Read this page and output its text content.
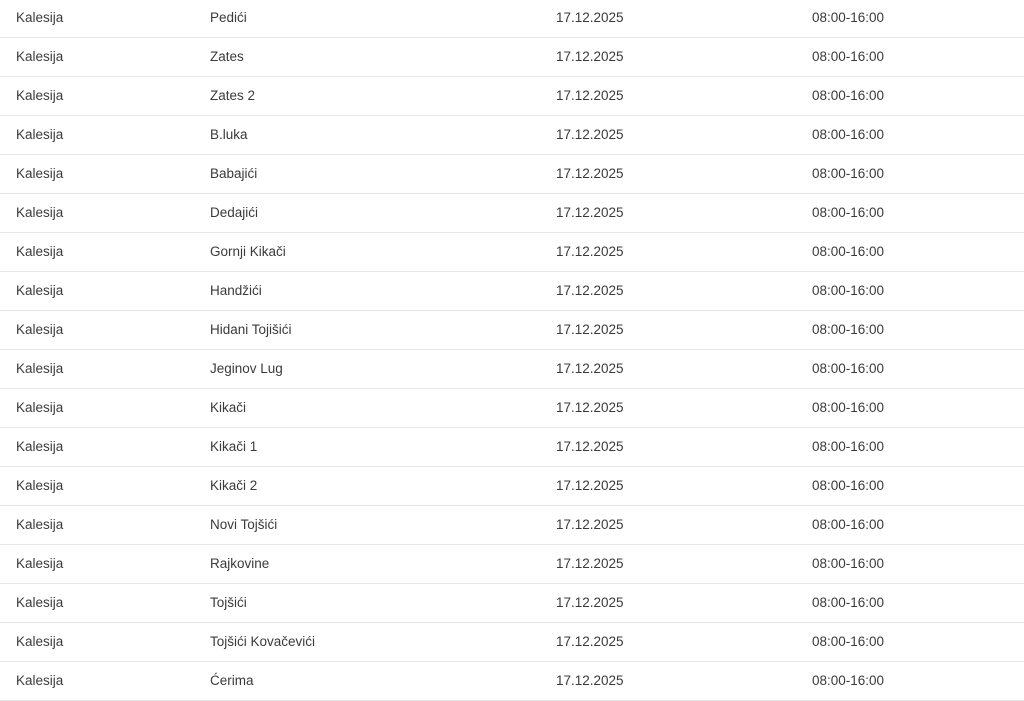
Kalesija	Pedići	17.12.2025	08:00-16:00
Kalesija	Zates	17.12.2025	08:00-16:00
Kalesija	Zates 2	17.12.2025	08:00-16:00
Kalesija	B.luka	17.12.2025	08:00-16:00
Kalesija	Babajići	17.12.2025	08:00-16:00
Kalesija	Dedajići	17.12.2025	08:00-16:00
Kalesija	Gornji Kikači	17.12.2025	08:00-16:00
Kalesija	Handžići	17.12.2025	08:00-16:00
Kalesija	Hidani Tojišići	17.12.2025	08:00-16:00
Kalesija	Jeginov Lug	17.12.2025	08:00-16:00
Kalesija	Kikači	17.12.2025	08:00-16:00
Kalesija	Kikači 1	17.12.2025	08:00-16:00
Kalesija	Kikači 2	17.12.2025	08:00-16:00
Kalesija	Novi Tojšići	17.12.2025	08:00-16:00
Kalesija	Rajkovine	17.12.2025	08:00-16:00
Kalesija	Tojšići	17.12.2025	08:00-16:00
Kalesija	Tojšići Kovačevići	17.12.2025	08:00-16:00
Kalesija	Ćerima	17.12.2025	08:00-16:00
